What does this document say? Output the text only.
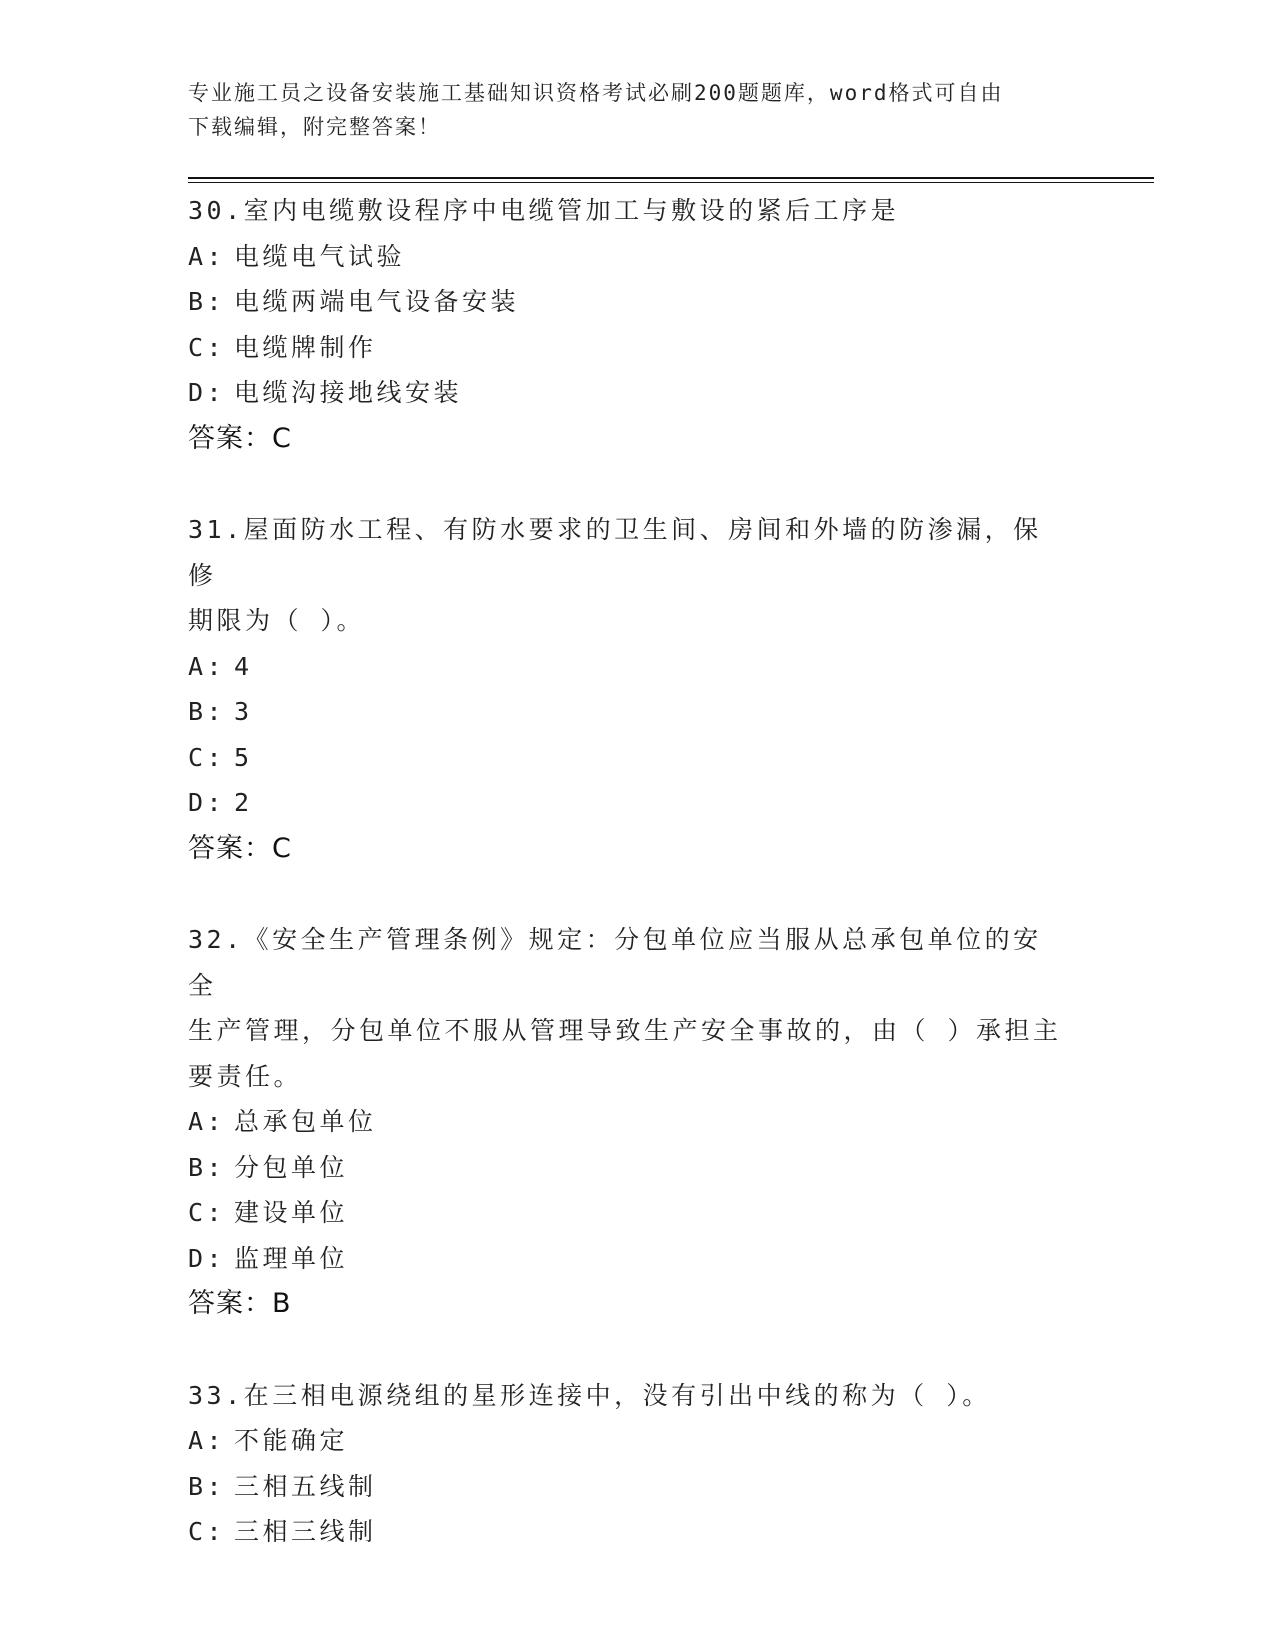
专业施工员之设备安装施工基础知识资格考试必刷200题题库，word格式可自由
下载编辑，附完整答案！
30.室内电缆敷设程序中电缆管加工与敷设的紧后工序是
A: 电缆电气试验
B: 电缆两端电气设备安装
C: 电缆牌制作
D: 电缆沟接地线安装
答案：C
31.屋面防水工程、有防水要求的卫生间、房间和外墙的防渗漏，保修
期限为（ ）。
A: 4
B: 3
C: 5
D: 2
答案：C
32.《安全生产管理条例》规定：分包单位应当服从总承包单位的安全
生产管理，分包单位不服从管理导致生产安全事故的，由（ ）承担主
要责任。
A: 总承包单位
B: 分包单位
C: 建设单位
D: 监理单位
答案：B
33.在三相电源绕组的星形连接中，没有引出中线的称为（ ）。
A: 不能确定
B: 三相五线制
C: 三相三线制
